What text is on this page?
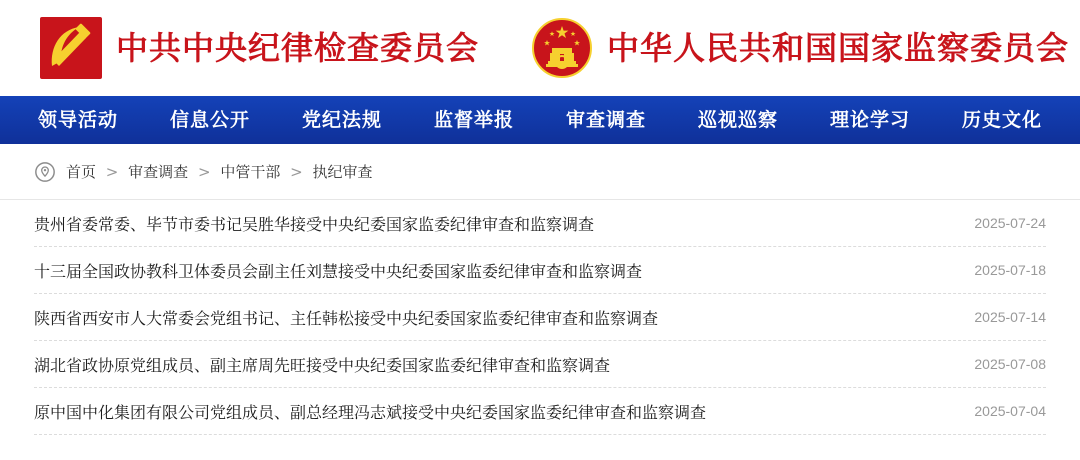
中共中央纪律检查委员会	中华人民共和国国家监察委员会
领导活动	信息公开	党纪法规	监督举报	审查调查	巡视巡察	理论学习	历史文化
首页 > 审查调查 > 中管干部 > 执纪审查
贵州省委常委、毕节市委书记吴胜华接受中央纪委国家监委纪律审查和监察调查	2025-07-24
十三届全国政协教科卫体委员会副主任刘慧接受中央纪委国家监委纪律审查和监察调查	2025-07-18
陕西省西安市人大常委会党组书记、主任韩松接受中央纪委国家监委纪律审查和监察调查	2025-07-14
湖北省政协原党组成员、副主席周先旺接受中央纪委国家监委纪律审查和监察调查	2025-07-08
原中国中化集团有限公司党组成员、副总经理冯志斌接受中央纪委国家监委纪律审查和监察调查	2025-07-04
